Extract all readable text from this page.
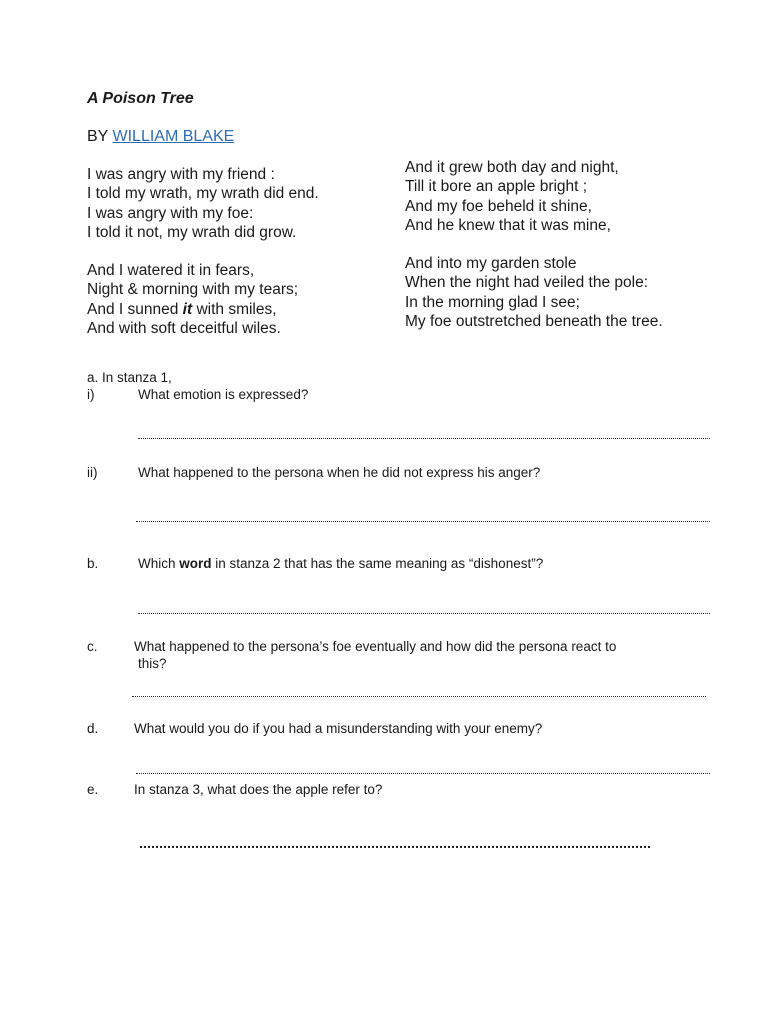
A Poison Tree
BY WILLIAM BLAKE
I was angry with my friend :
I told my wrath, my wrath did end.
I was angry with my foe:
I told it not, my wrath did grow.
And I watered it in fears,
Night & morning with my tears;
And I sunned it with smiles,
And with soft deceitful wiles.
And it grew both day and night,
Till it bore an apple bright ;
And my foe beheld it shine,
And he knew that it was mine,
And into my garden stole
When the night had veiled the pole:
In the morning glad I see;
My foe outstretched beneath the tree.
a. In stanza 1,
i)	What emotion is expressed?
ii)	What happened to the persona when he did not express his anger?
b.	Which word in stanza 2 that has the same meaning as “dishonest”?
c.	What happened to the persona’s foe eventually and how did the persona react to
this?
d.	What would you do if you had a misunderstanding with your enemy?
e.	In stanza 3, what does the apple refer to?
